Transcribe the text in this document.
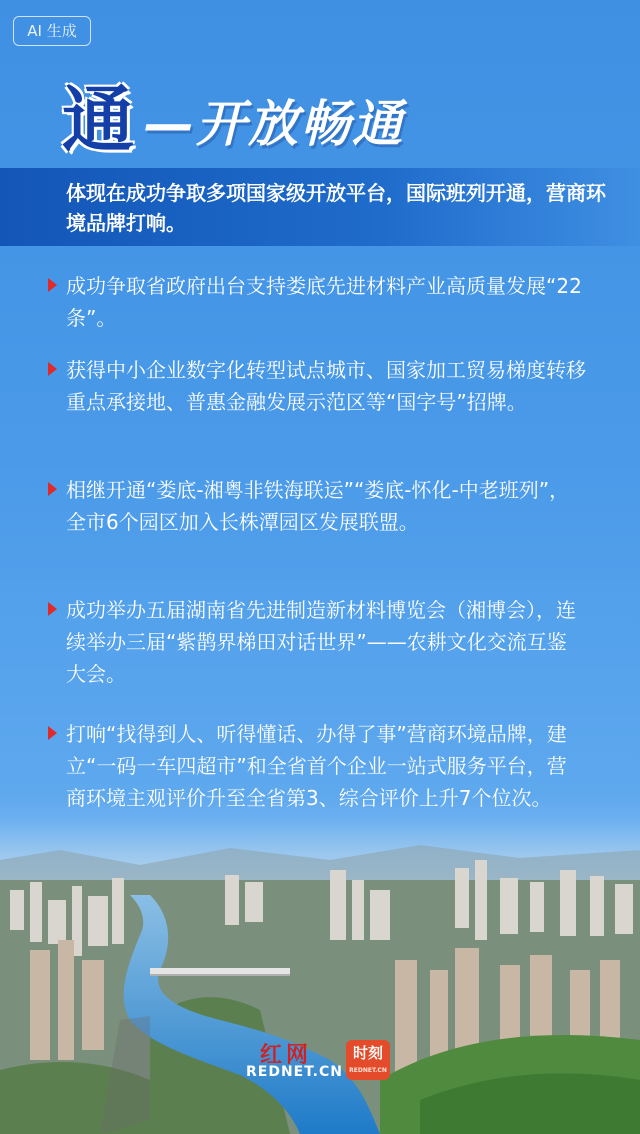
AI 生成
通 —开放畅通
体现在成功争取多项国家级开放平台，国际班列开通，营商环境品牌打响。
成功争取省政府出台支持娄底先进材料产业高质量发展“22条”。
获得中小企业数字化转型试点城市、国家加工贸易梯度转移重点承接地、普惠金融发展示范区等“国字号”招牌。
相继开通“娄底-湘粤非铁海联运”“娄底-怀化-中老班列”，全市6个园区加入长株潭园区发展联盟。
成功举办五届湖南省先进制造新材料博览会（湘博会），连续举办三届“紫鹊界梯田对话世界”——农耕文化交流互鉴大会。
打响“找得到人、听得懂话、办得了事”营商环境品牌，建立“一码一车四超市”和全省首个企业一站式服务平台，营商环境主观评价升至全省第3、综合评价上升7个位次。
红网
REDNET.CN
时刻
REDNET.CN
